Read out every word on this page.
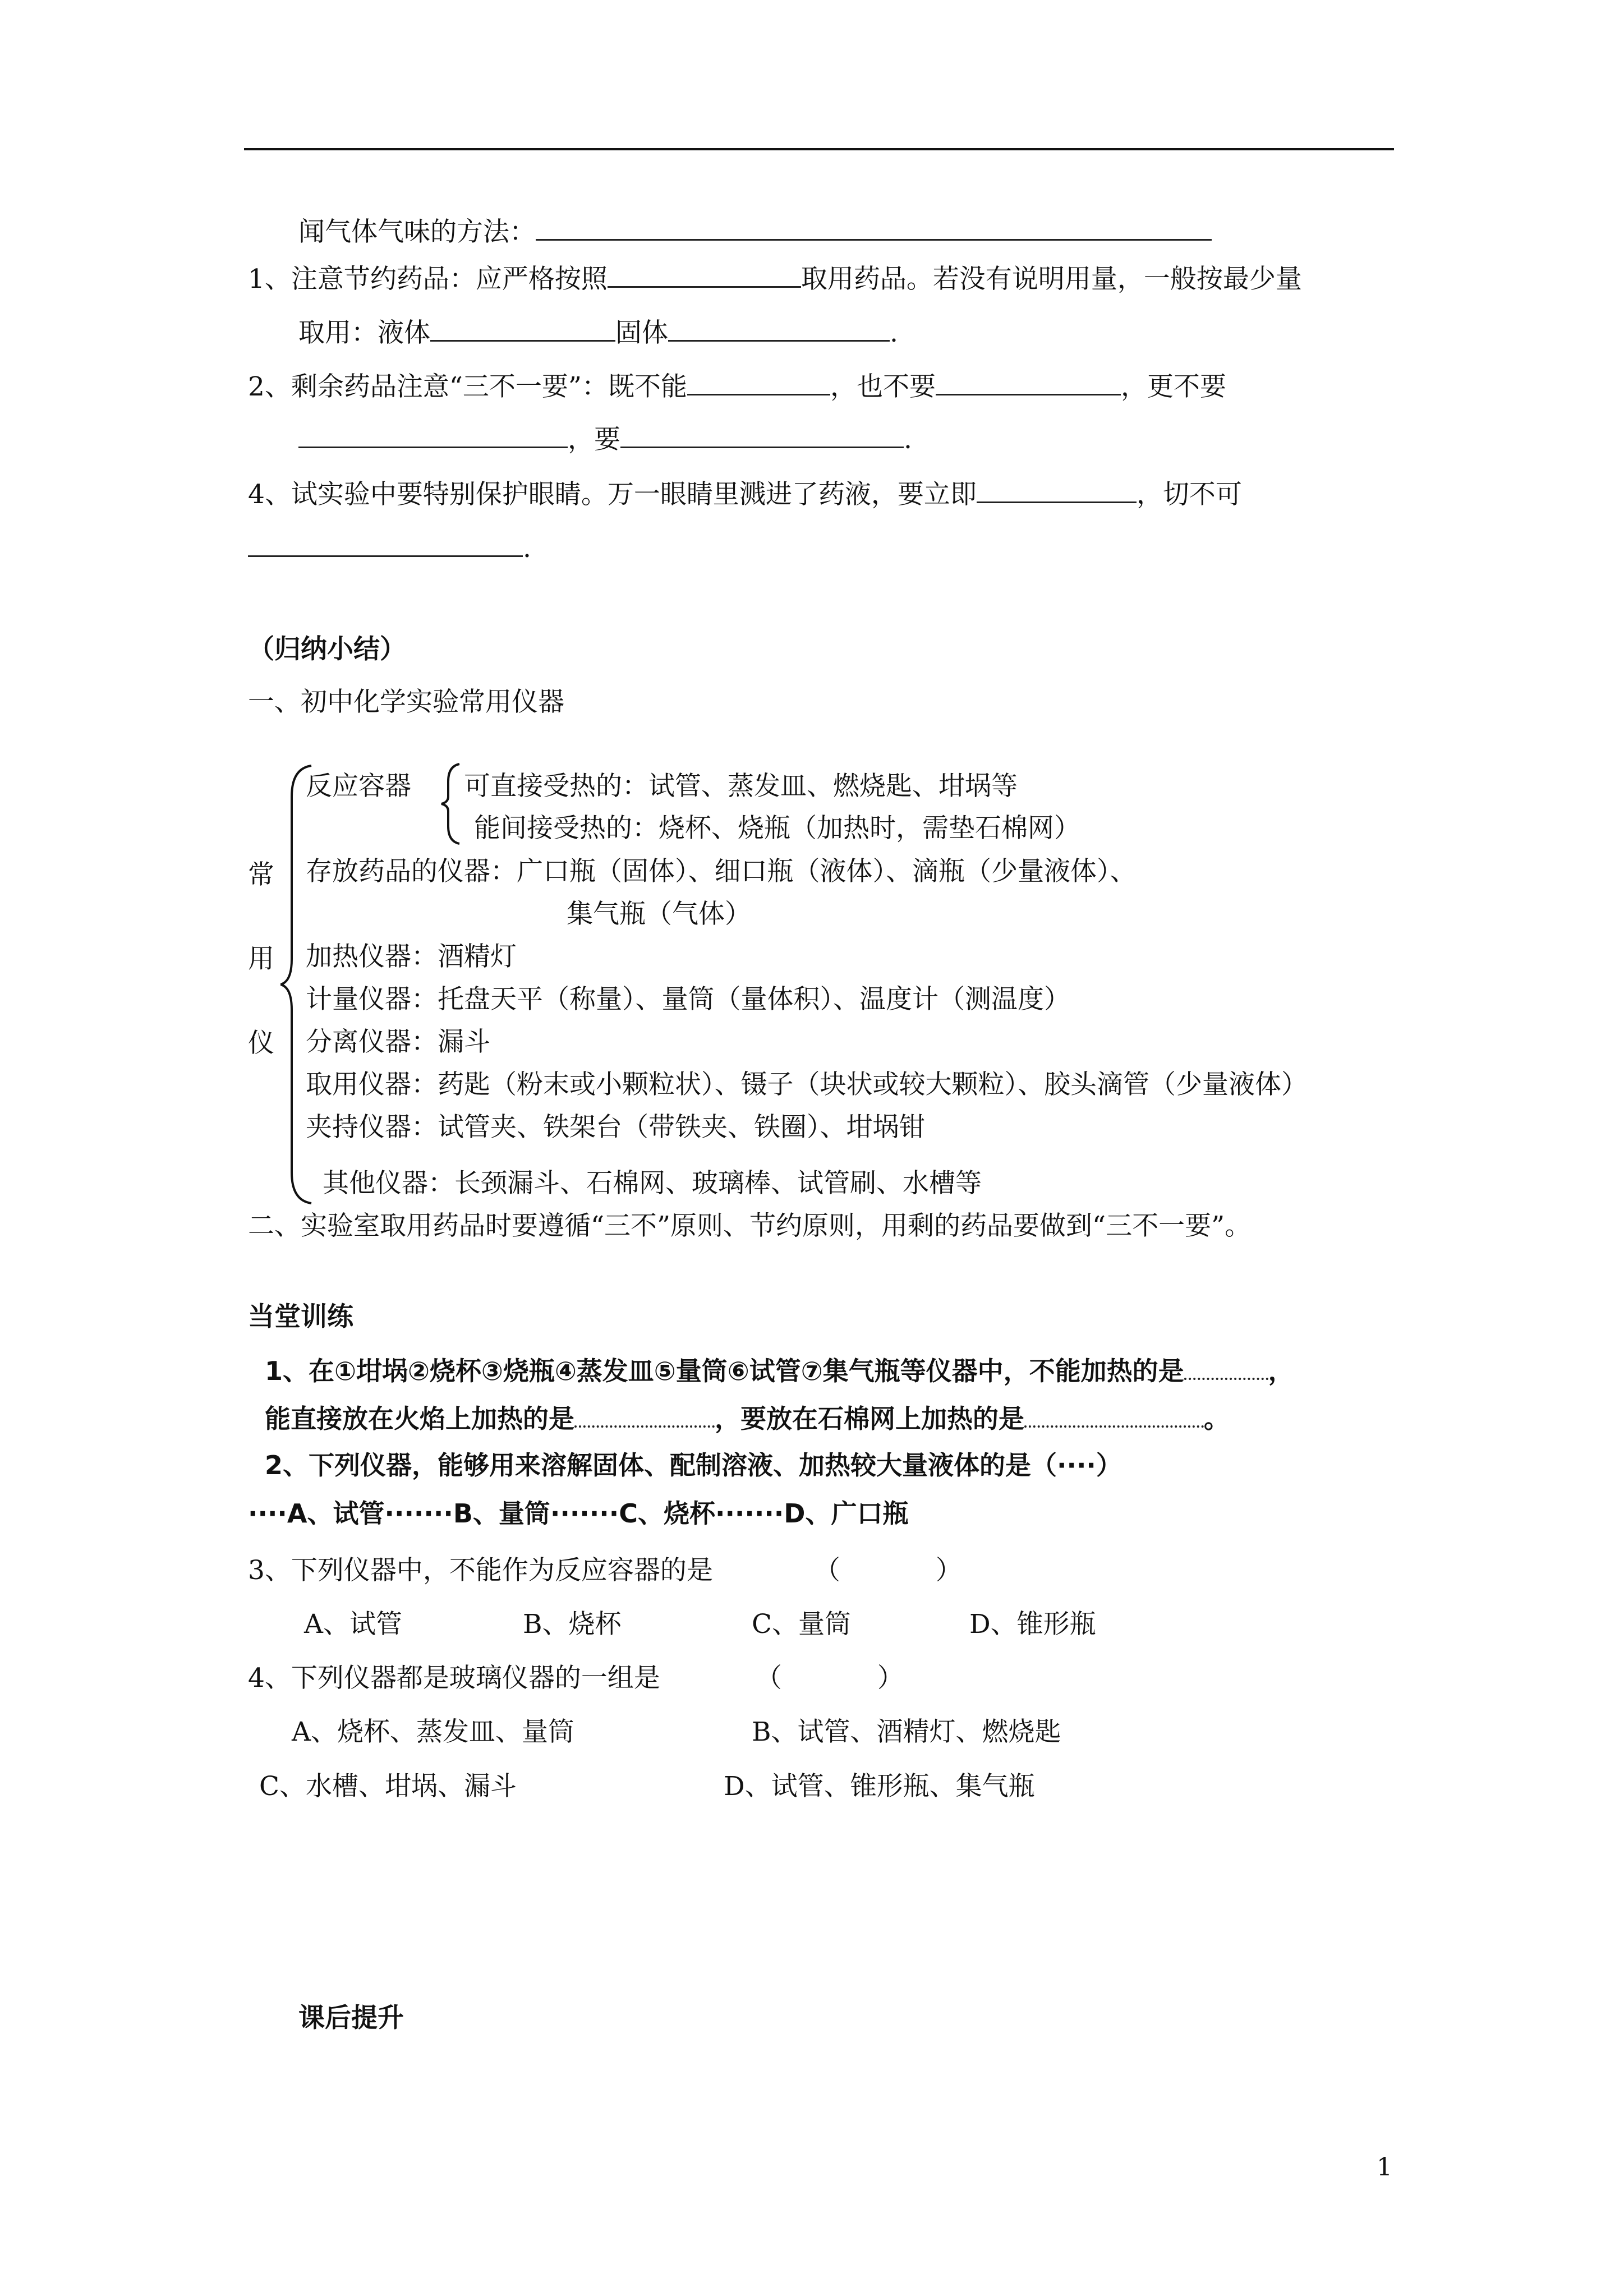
闻气体气味的方法：
1、注意节约药品：应严格按照	取用药品。若没有说明用量，一般按最少量
取用：液体	固体	.
2、剩余药品注意“三不一要”：既不能	，也不要	，更不要
，要	.
4、试实验中要特别保护眼睛。万一眼睛里溅进了药液，要立即	，切不可
.
（归纳小结）
一、初中化学实验常用仪器
常
用
仪
反应容器 可直接受热的：试管、蒸发皿、燃烧匙、坩埚等
能间接受热的：烧杯、烧瓶（加热时，需垫石棉网）
存放药品的仪器：广口瓶（固体）、细口瓶（液体）、滴瓶（少量液体）、
集气瓶（气体）
加热仪器：酒精灯
计量仪器：托盘天平（称量）、量筒（量体积）、温度计（测温度）
分离仪器：漏斗
取用仪器：药匙（粉末或小颗粒状）、镊子（块状或较大颗粒）、胶头滴管（少量液体）
夹持仪器：试管夹、铁架台（带铁夹、铁圈）、坩埚钳
其他仪器：长颈漏斗、石棉网、玻璃棒、试管刷、水槽等
二、实验室取用药品时要遵循“三不”原则、节约原则，用剩的药品要做到“三不一要”。
当堂训练
1、在①坩埚②烧杯③烧瓶④蒸发皿⑤量筒⑥试管⑦集气瓶等仪器中，不能加热的是	，
能直接放在火焰上加热的是	，要放在石棉网上加热的是	。
2、下列仪器，能够用来溶解固体、配制溶液、加热较大量液体的是（····）
····A、试管·······B、量筒·······C、烧杯·······D、广口瓶
3、下列仪器中，不能作为反应容器的是	（	）
A、试管	B、烧杯	C、量筒	D、锥形瓶
4、下列仪器都是玻璃仪器的一组是	（	）
A、烧杯、蒸发皿、量筒	B、试管、酒精灯、燃烧匙
C、水槽、坩埚、漏斗	D、试管、锥形瓶、集气瓶
课后提升
1
